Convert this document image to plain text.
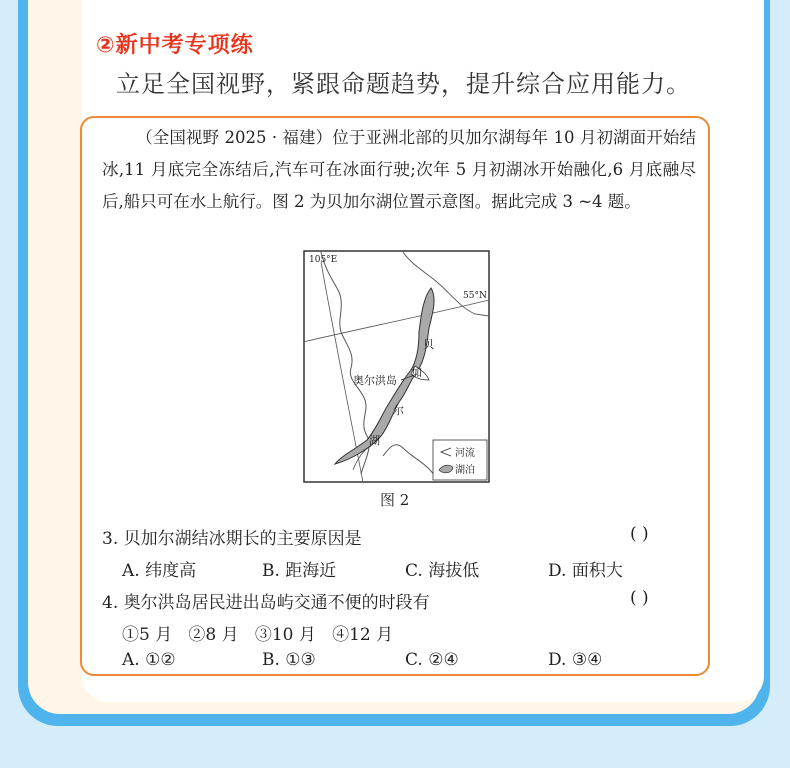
②新中考专项练
立足全国视野，紧跟命题趋势，提升综合应用能力。
（全国视野 2025 · 福建）位于亚洲北部的贝加尔湖每年 10 月初湖面开始结冰,11 月底完全冻结后,汽车可在冰面行驶;次年 5 月初湖冰开始融化,6 月底融尽后,船只可在水上航行。图 2 为贝加尔湖位置示意图。据此完成 3 ~4 题。
105°E
55°N
奥尔洪岛
贝
加
尔
湖
河流
湖泊
图 2
3. 贝加尔湖结冰期长的主要原因是	( )
A. 纬度高	B. 距海近	C. 海拔低	D. 面积大
4. 奥尔洪岛居民进出岛屿交通不便的时段有	( )
①5 月   ②8 月   ③10 月   ④12 月
A. ①②	B. ①③	C. ②④	D. ③④
